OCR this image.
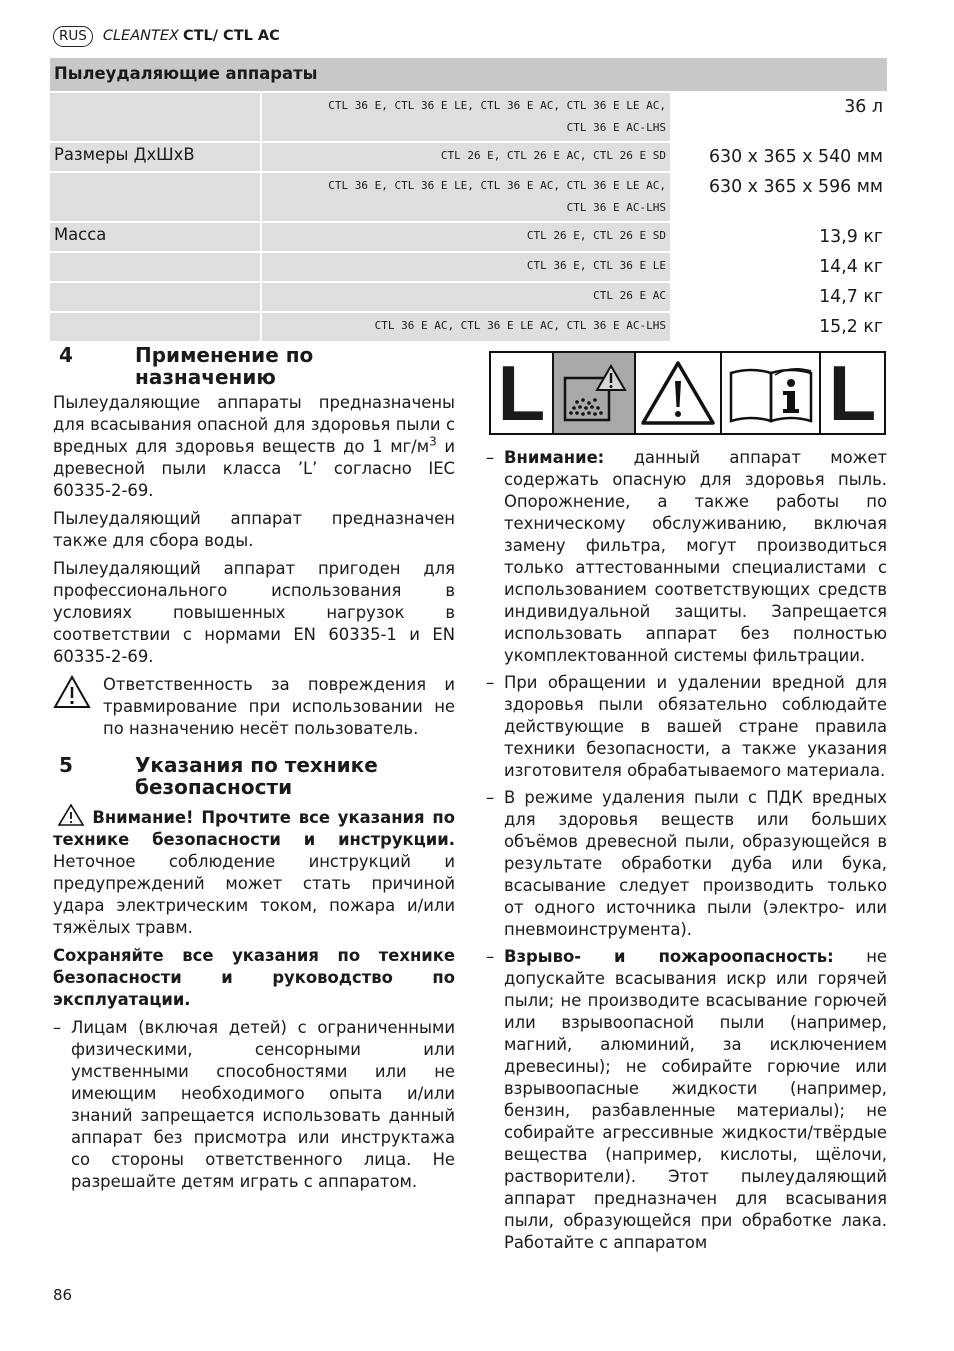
RUS	CLEANTEX CTL/ CTL AC
Пылеудаляющие аппараты		

	CTL 36 E, CTL 36 E LE, CTL 36 E AC, CTL 36 E LE AC,
CTL 36 E AC-LHS	36 л
Размеры ДхШхВ	CTL 26 E, CTL 26 E AC, CTL 26 E SD	630 x 365 x 540 мм

	CTL 36 E, CTL 36 E LE, CTL 36 E AC, CTL 36 E LE AC,
CTL 36 E AC-LHS	630 x 365 x 596 мм
Масса	CTL 26 E, CTL 26 E SD	13,9 кг

	CTL 36 E, CTL 36 E LE	14,4 кг

	CTL 26 E AC	14,7 кг

	CTL 36 E AC, CTL 36 E LE AC, CTL 36 E AC-LHS	15,2 кг
4	Применение по
назначению

Пылеудаляющие аппараты предназначены для всасывания опасной для здоровья пыли с вредных для здоровья веществ до 1 $мг/м^3$ и древесной пыли класса ’L’ согласно IEC 60335-2-69.

Пылеудаляющий аппарат предназначен также для сбора воды.

Пылеудаляющий аппарат пригоден для профессионального использования в условиях повышенных нагрузок в соответствии с нормами EN 60335-1 и EN 60335-2-69.

Ответственность за повреждения и травмирование при использовании не по назначению несёт пользователь.
5	Указания по технике
безопасности

Внимание! Прочтите все указания по технике безопасности и инструкции. Неточное соблюдение инструкций и предупреждений может стать причиной удара электрическим током, пожара и/или тяжёлых травм.

Сохраняйте все указания по технике безопасности и руководство по эксплуатации.

– Лицам (включая детей) с ограниченными физическими, сенсорными или умственными способностями или не имеющим необходимого опыта и/или знаний запрещается использовать данный аппарат без присмотра или инструктажа со стороны ответственного лица. Не разрешайте детям играть с аппаратом.
L	L
– Внимание: данный аппарат может содержать опасную для здоровья пыль. Опорожнение, а также работы по техническому обслуживанию, включая замену фильтра, могут производиться только аттестованными специалистами с использованием соответствующих средств индивидуальной защиты. Запрещается использовать аппарат без полностью укомплектованной системы фильтрации.
– При обращении и удалении вредной для здоровья пыли обязательно соблюдайте действующие в вашей стране правила техники безопасности, а также указания изготовителя обрабатываемого материала.
– В режиме удаления пыли с ПДК вредных для здоровья веществ или больших объёмов древесной пыли, образующейся в результате обработки дуба или бука, всасывание следует производить только от одного источника пыли (электро- или пневмоинструмента).
– Взрыво- и пожароопасность: не допускайте всасывания искр или горячей пыли; не производите всасывание горючей или взрывоопасной пыли (например, магний, алюминий, за исключением древесины); не собирайте горючие или взрывоопасные жидкости (например, бензин, разбавленные материалы); не собирайте агрессивные жидкости/твёрдые вещества (например, кислоты, щёлочи, растворители). Этот пылеудаляющий аппарат предназначен для всасывания пыли, образующейся при обработке лака. Работайте с аппаратом
86
